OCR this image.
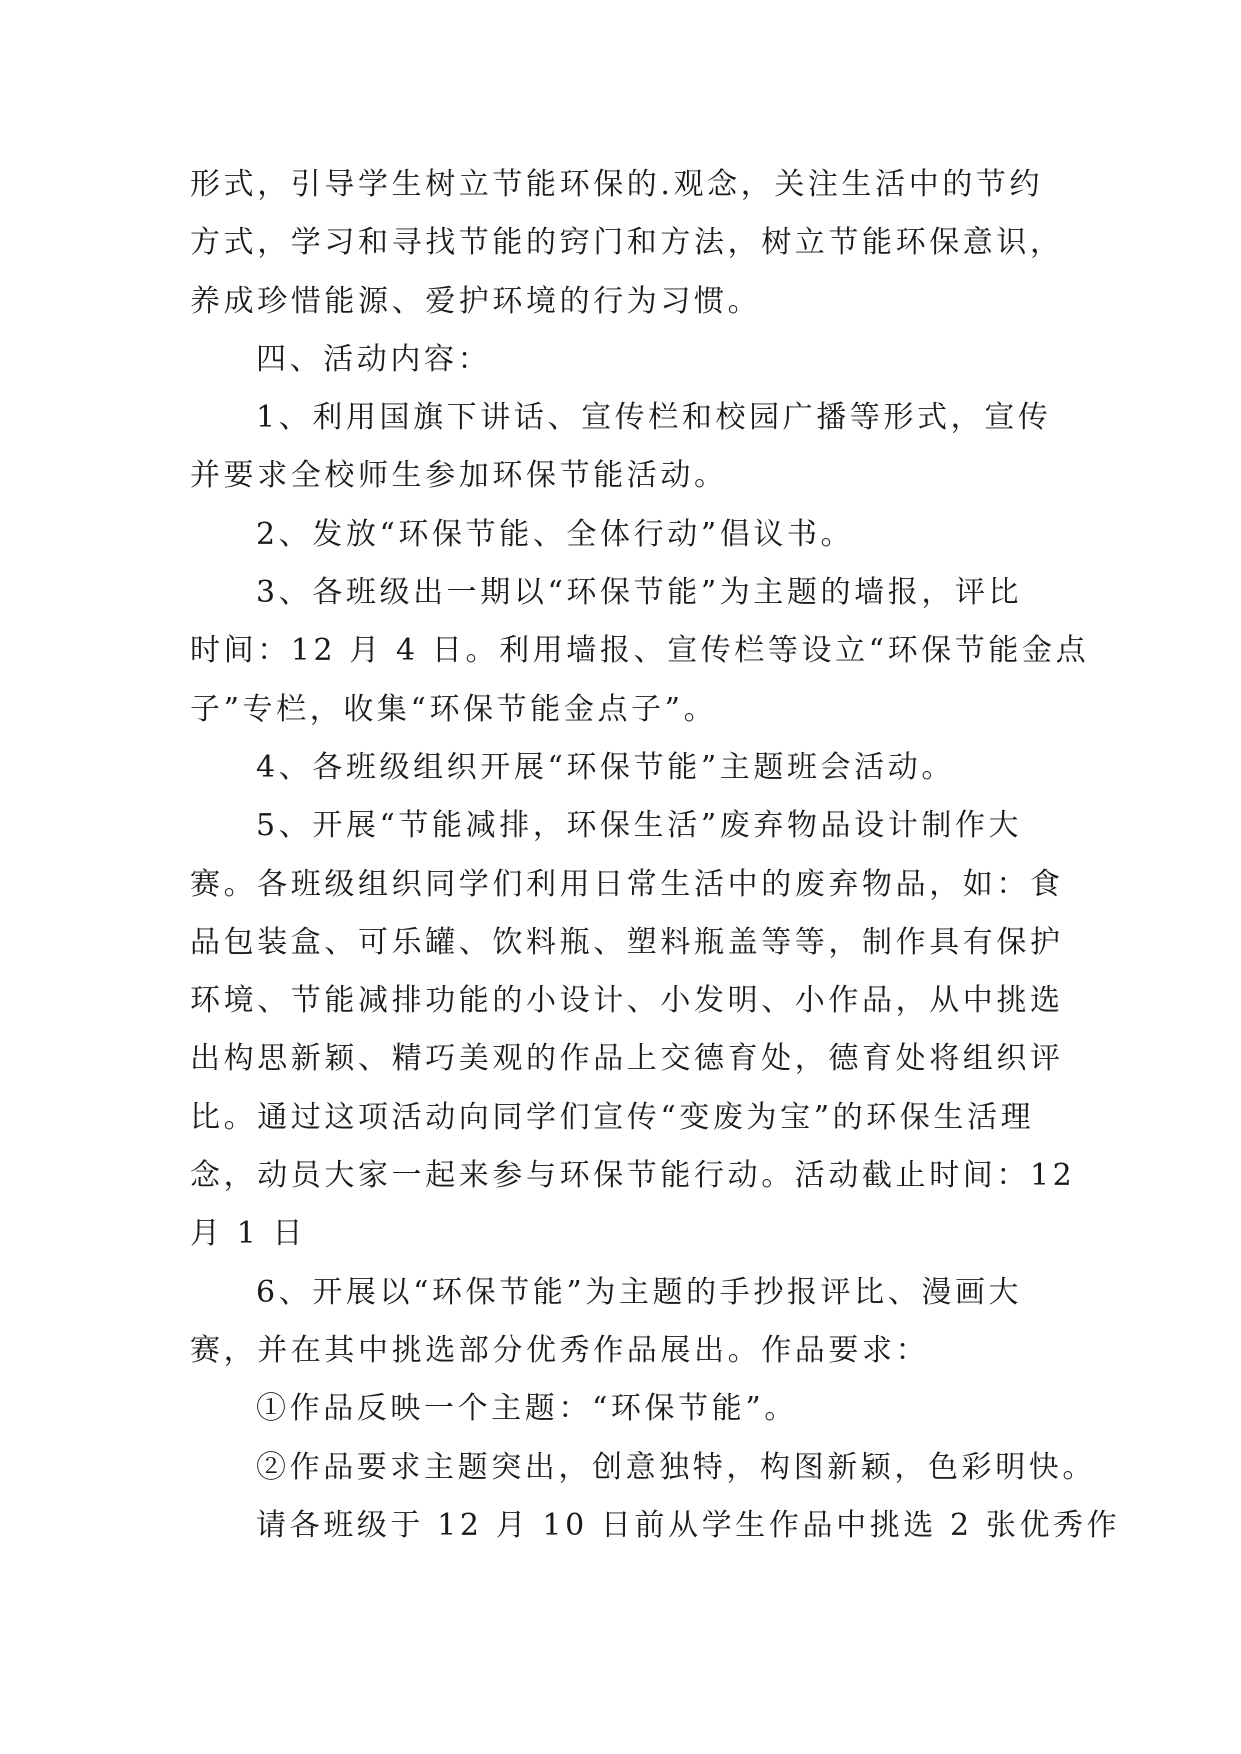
形式，引导学生树立节能环保的.观念，关注生活中的节约
方式，学习和寻找节能的窍门和方法，树立节能环保意识，
养成珍惜能源、爱护环境的行为习惯。
四、活动内容：
1、利用国旗下讲话、宣传栏和校园广播等形式，宣传
并要求全校师生参加环保节能活动。
2、发放“环保节能、全体行动”倡议书。
3、各班级出一期以“环保节能”为主题的墙报，评比
时间：12 月 4 日。利用墙报、宣传栏等设立“环保节能金点
子”专栏，收集“环保节能金点子”。
4、各班级组织开展“环保节能”主题班会活动。
5、开展“节能减排，环保生活”废弃物品设计制作大
赛。各班级组织同学们利用日常生活中的废弃物品，如：食
品包装盒、可乐罐、饮料瓶、塑料瓶盖等等，制作具有保护
环境、节能减排功能的小设计、小发明、小作品，从中挑选
出构思新颖、精巧美观的作品上交德育处，德育处将组织评
比。通过这项活动向同学们宣传“变废为宝”的环保生活理
念，动员大家一起来参与环保节能行动。活动截止时间：12
月 1 日
6、开展以“环保节能”为主题的手抄报评比、漫画大
赛，并在其中挑选部分优秀作品展出。作品要求：
①作品反映一个主题：“环保节能”。
②作品要求主题突出，创意独特，构图新颖，色彩明快。
请各班级于 12 月 10 日前从学生作品中挑选 2 张优秀作
